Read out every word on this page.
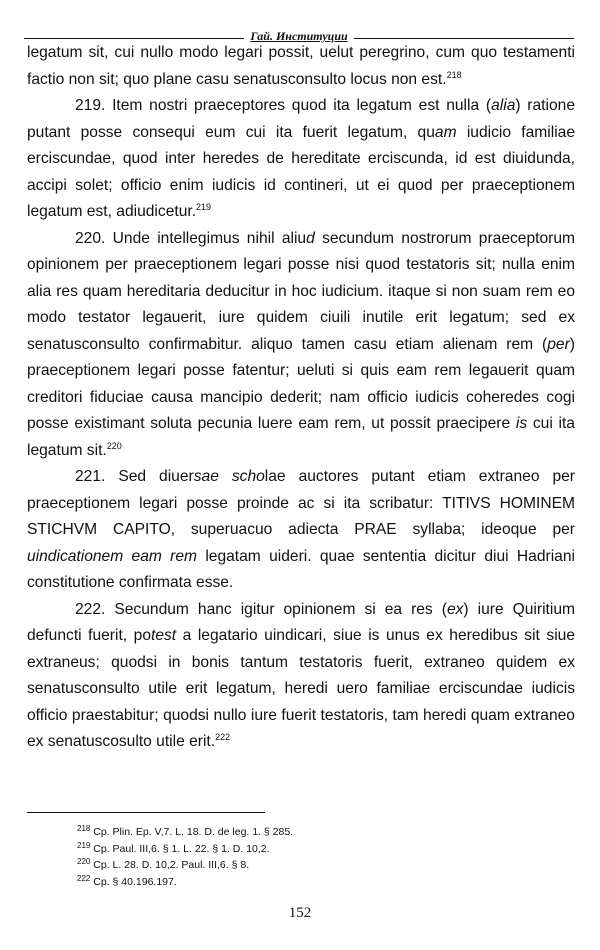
Гай. Институции

legatum sit, cui nullo modo legari possit, uelut peregrino, cum quo testamenti factio non sit; quo plane casu senatusconsulto locus non est.$^{218}$

219. Item nostri praeceptores quod ita legatum est nulla (alia) ratione putant posse consequi eum cui ita fuerit legatum, quam iudicio familiae erciscundae, quod inter heredes de hereditate erciscunda, id est diuidunda, accipi solet; officio enim iudicis id contineri, ut ei quod per praeceptionem legatum est, adiudicetur.$^{219}$

220. Unde intellegimus nihil aliud secundum nostrorum praeceptorum opinionem per praeceptionem legari posse nisi quod testatoris sit; nulla enim alia res quam hereditaria deducitur in hoc iudicium. itaque si non suam rem eo modo testator legauerit, iure quidem ciuili inutile erit legatum; sed ex senatusconsulto confirmabitur. aliquo tamen casu etiam alienam rem (per) praeceptionem legari posse fatentur; ueluti si quis eam rem legauerit quam creditori fiduciae causa mancipio dederit; nam officio iudicis coheredes cogi posse existimant soluta pecunia luere eam rem, ut possit praecipere is cui ita legatum sit.$^{220}$

221. Sed diuersae scholae auctores putant etiam extraneo per praeceptionem legari posse proinde ac si ita scribatur: TITIVS HOMINEM STICHVM CAPITO, superuacuo adiecta PRAE syllaba; ideoque per uindicationem eam rem legatam uideri. quae sententia dicitur diui Hadriani constitutione confirmata esse.

222. Secundum hanc igitur opinionem si ea res (ex) iure Quiritium defuncti fuerit, potest a legatario uindicari, siue is unus ex heredibus sit siue extraneus; quodsi in bonis tantum testatoris fuerit, extraneo quidem ex senatusconsulto utile erit legatum, heredi uero familiae erciscundae iudicis officio praestabitur; quodsi nullo iure fuerit testatoris, tam heredi quam extraneo ex senatuscosulto utile erit.$^{222}$

$^{218}$ Cp. Plin. Ep. V,7. L. 18. D. de leg. 1. § 285.
$^{219}$ Cp. Paul. III,6. § 1. L. 22. § 1. D. 10,2.
$^{220}$ Cp. L. 28. D. 10,2. Paul. III,6. § 8.
$^{222}$ Cp. § 40.196.197.
152
